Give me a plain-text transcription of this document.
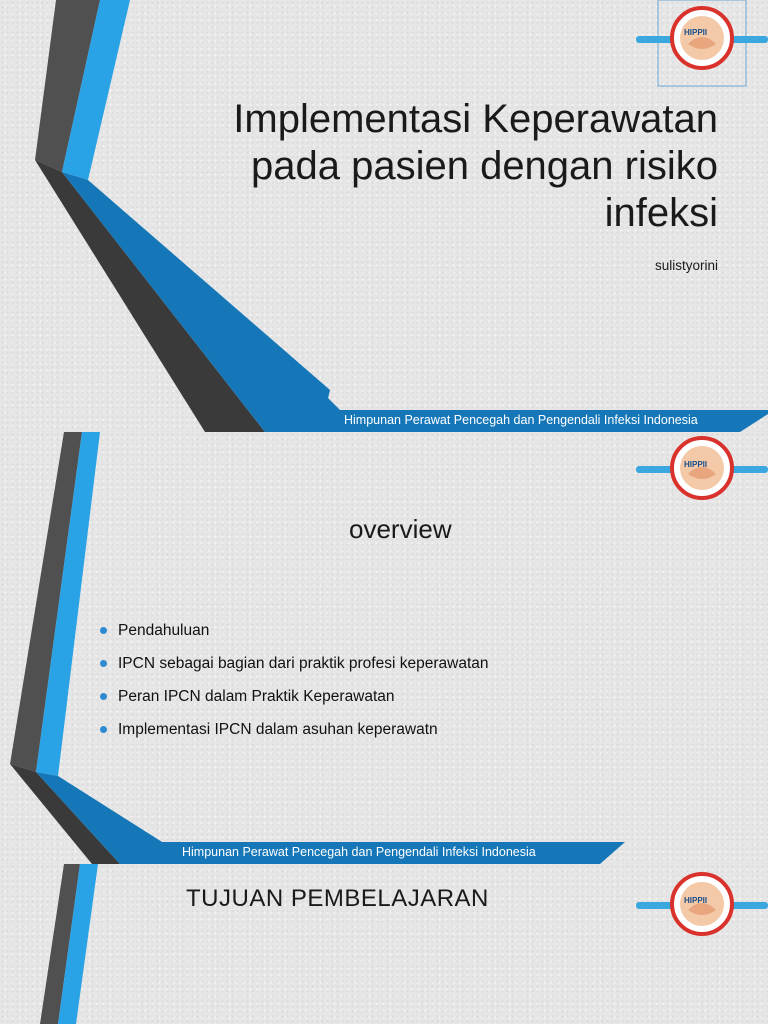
HIPPII
Implementasi Keperawatan pada pasien dengan risiko infeksi
sulistyorini
Himpunan Perawat Pencegah dan Pengendali Infeksi Indonesia
HIPPII
Himpunan Perawat Pencegah dan Pengendali Infeksi Indonesia
overview
Pendahuluan
IPCN sebagai bagian dari praktik profesi keperawatan
Peran IPCN dalam Praktik Keperawatan
Implementasi IPCN dalam asuhan keperawatn
HIPPII
TUJUAN PEMBELAJARAN
